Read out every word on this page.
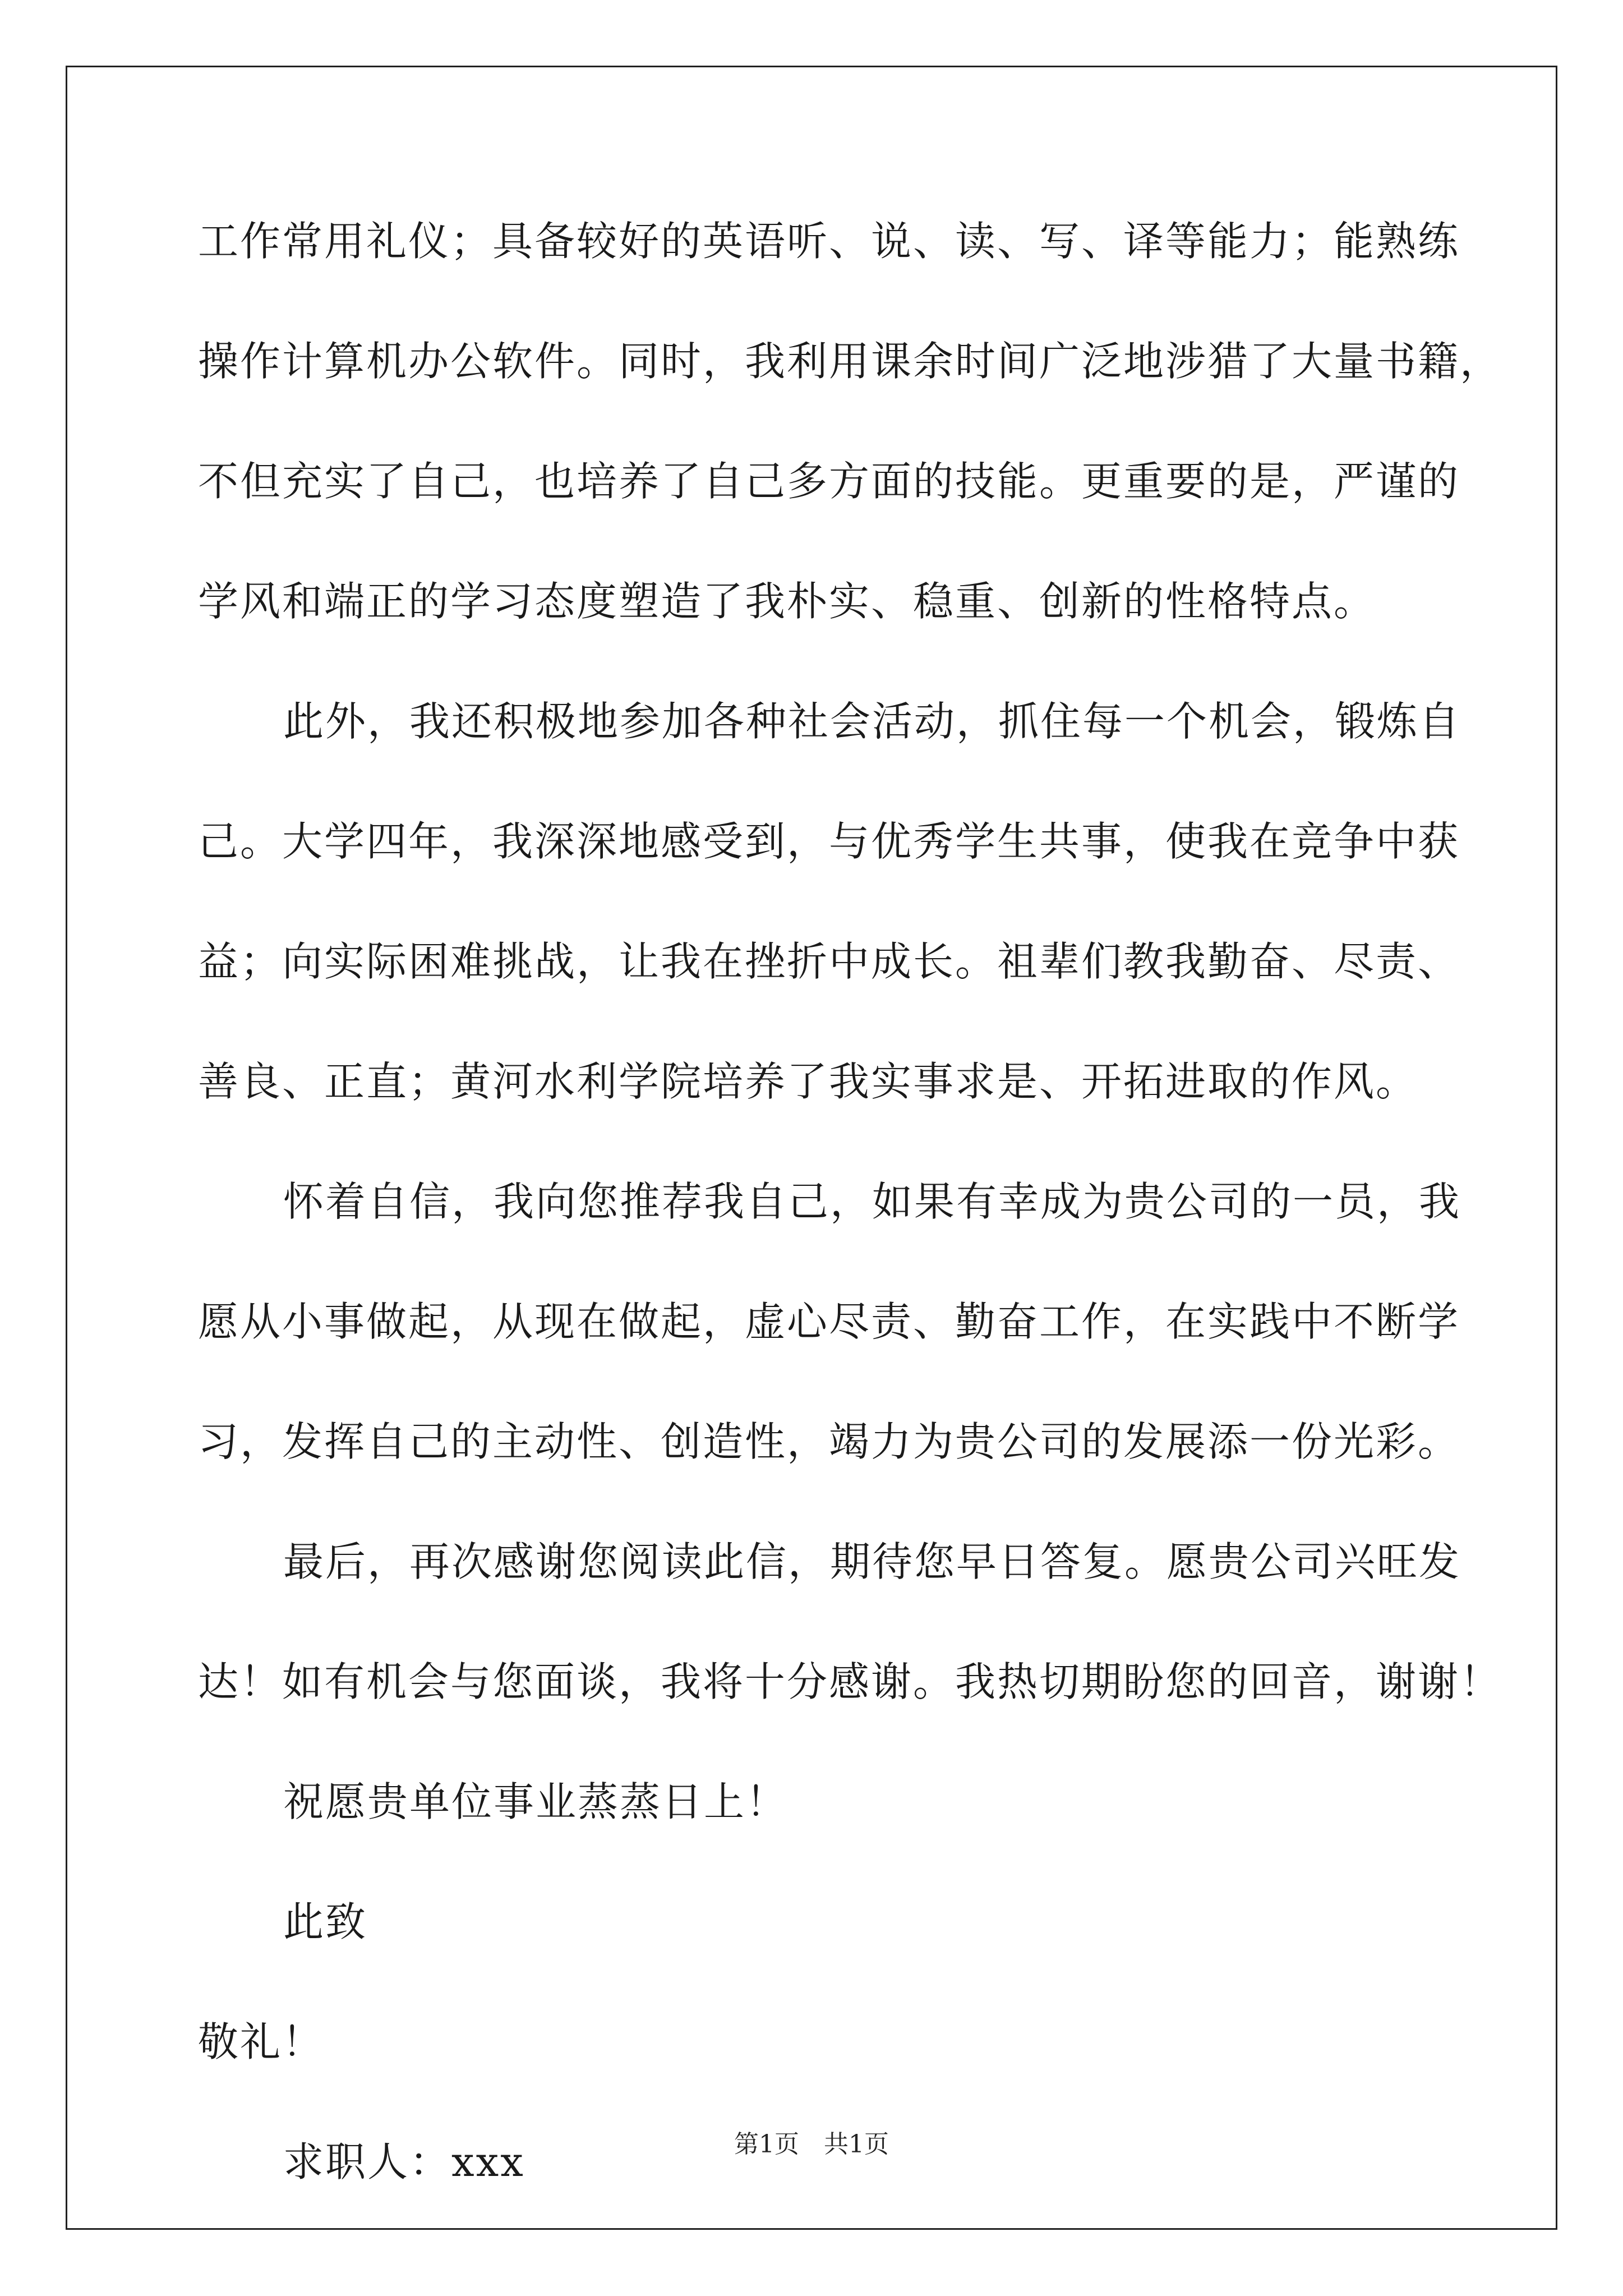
工作常用礼仪；具备较好的英语听、说、读、写、译等能力；能熟练
操作计算机办公软件。同时，我利用课余时间广泛地涉猎了大量书籍，
不但充实了自己，也培养了自己多方面的技能。更重要的是，严谨的
学风和端正的学习态度塑造了我朴实、稳重、创新的性格特点。
此外，我还积极地参加各种社会活动，抓住每一个机会，锻炼自
己。大学四年，我深深地感受到，与优秀学生共事，使我在竞争中获
益；向实际困难挑战，让我在挫折中成长。祖辈们教我勤奋、尽责、
善良、正直；黄河水利学院培养了我实事求是、开拓进取的作风。
怀着自信，我向您推荐我自己，如果有幸成为贵公司的一员，我
愿从小事做起，从现在做起，虚心尽责、勤奋工作，在实践中不断学
习，发挥自己的主动性、创造性，竭力为贵公司的发展添一份光彩。
最后，再次感谢您阅读此信，期待您早日答复。愿贵公司兴旺发
达！如有机会与您面谈，我将十分感谢。我热切期盼您的回音，谢谢！
祝愿贵单位事业蒸蒸日上！
此致
敬礼！
求职人：xxx	第1页　共1页
